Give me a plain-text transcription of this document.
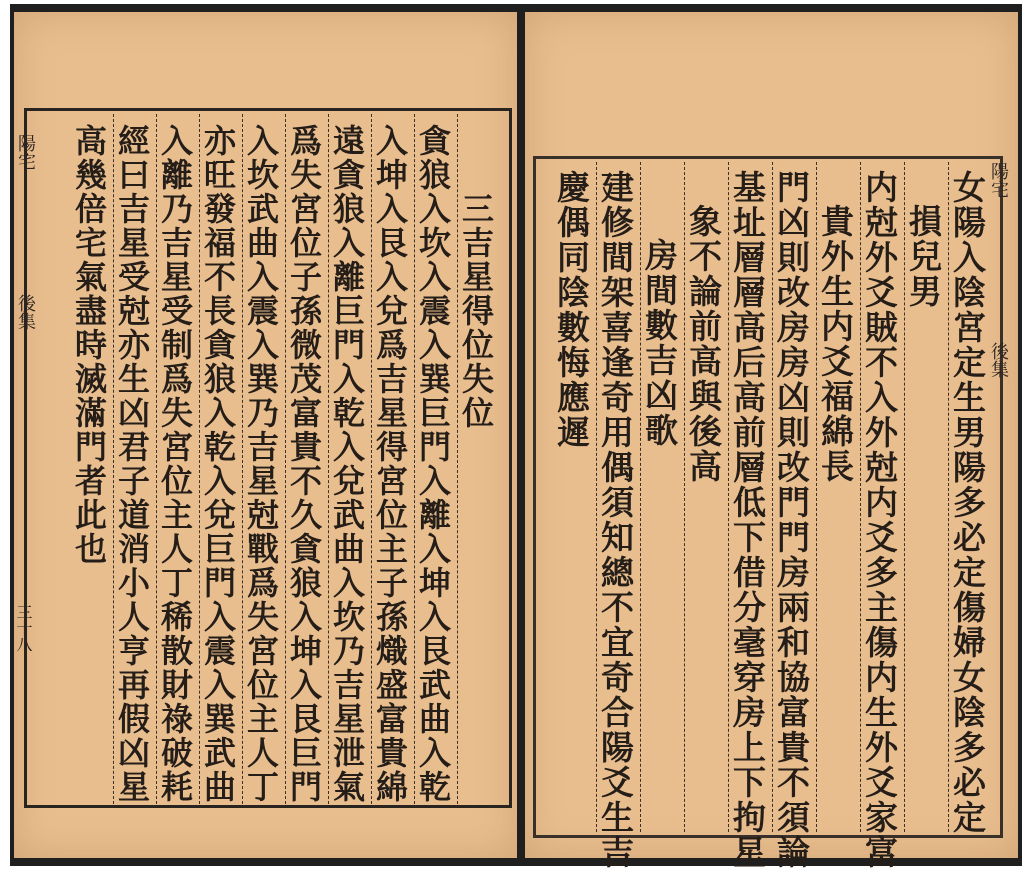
三吉星得位失位
貪狼入坎入震入巽巨門入離入坤入艮武曲入乾
入坤入艮入兌爲吉星得宮位主子孫熾盛富貴綿
遠貪狼入離巨門入乾入兌武曲入坎乃吉星泄氣
爲失宮位子孫微茂富貴不久貪狼入坤入艮巨門
入坎武曲入震入巽乃吉星尅戰爲失宮位主人丁
亦旺發福不長貪狼入乾入兌巨門入震入巽武曲
入離乃吉星受制爲失宮位主人丁稀散財祿破耗
經曰吉星受尅亦生凶君子道消小人亨再假凶星
高幾倍宅氣盡時滅滿門者此也
陽宅
後集
三十八	女陽入陰宮定生男陽多必定傷婦女陰多必定
損兒男
内尅外爻賊不入外尅内爻多主傷内生外爻家富
貴外生内爻福綿長
門凶則改房房凶則改門門房兩和協富貴不須論
基址層層高后高前層低下借分毫穿房上下拘星
象不論前高與後高
房間數吉凶歌
建修間架喜逢奇用偶須知總不宜奇合陽爻生吉
慶偶同陰數悔應遲	陽宅
後集
